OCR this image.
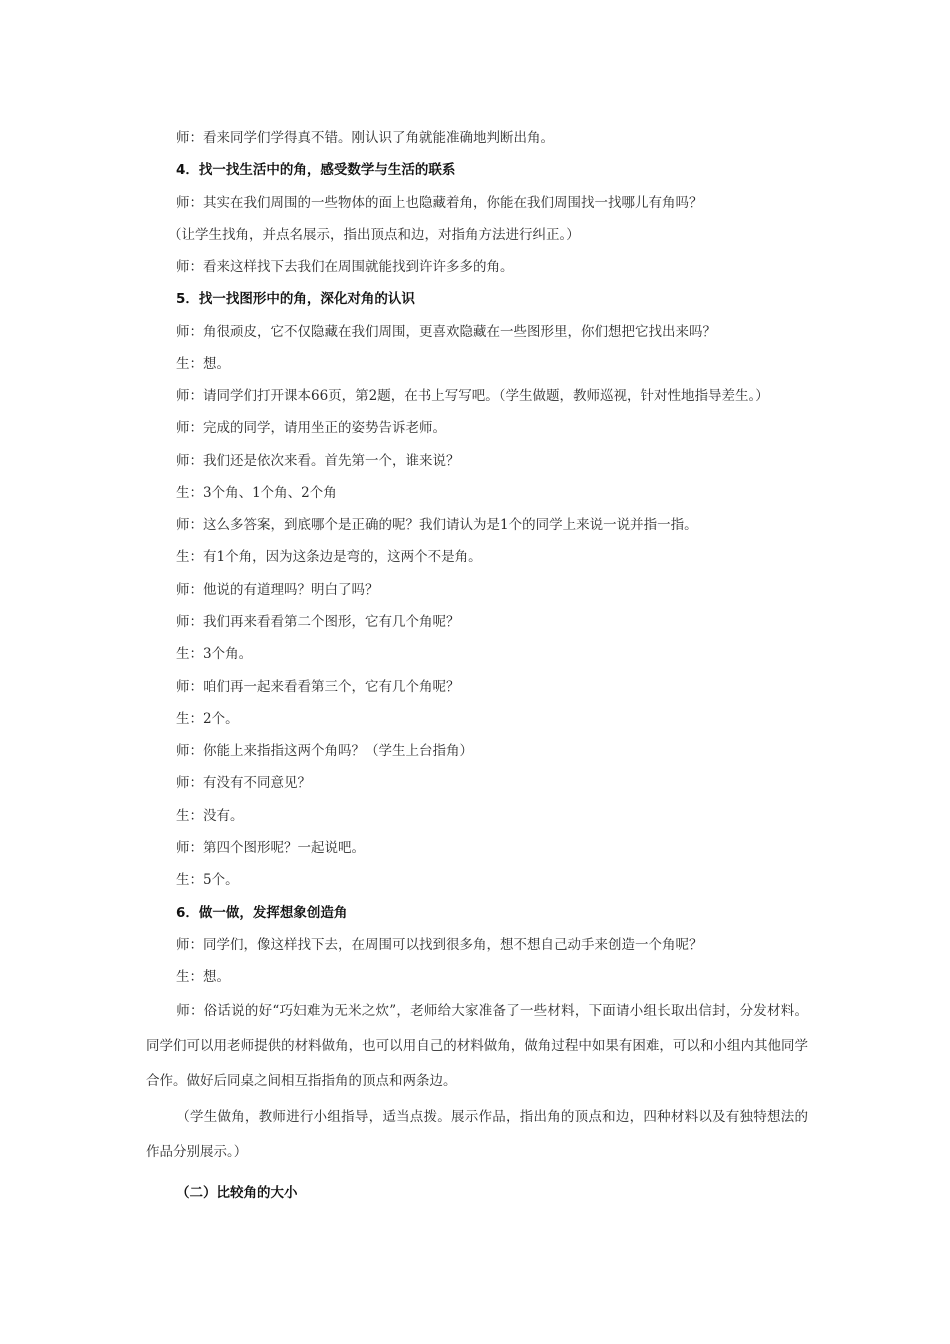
师：看来同学们学得真不错。刚认识了角就能准确地判断出角。
4．找一找生活中的角，感受数学与生活的联系
师：其实在我们周围的一些物体的面上也隐藏着角，你能在我们周围找一找哪儿有角吗？
（让学生找角，并点名展示，指出顶点和边，对指角方法进行纠正。）
师：看来这样找下去我们在周围就能找到许许多多的角。
5．找一找图形中的角，深化对角的认识
师：角很顽皮，它不仅隐藏在我们周围，更喜欢隐藏在一些图形里，你们想把它找出来吗？
生：想。
师：请同学们打开课本66页，第2题，在书上写写吧。（学生做题，教师巡视，针对性地指导差生。）
师：完成的同学，请用坐正的姿势告诉老师。
师：我们还是依次来看。首先第一个，谁来说？
生：3个角、1个角、2个角
师：这么多答案，到底哪个是正确的呢？我们请认为是1个的同学上来说一说并指一指。
生：有1个角，因为这条边是弯的，这两个不是角。
师：他说的有道理吗？明白了吗？
师：我们再来看看第二个图形，它有几个角呢？
生：3个角。
师：咱们再一起来看看第三个，它有几个角呢？
生：2个。
师：你能上来指指这两个角吗？（学生上台指角）
师：有没有不同意见？
生：没有。
师：第四个图形呢？一起说吧。
生：5个。
6．做一做，发挥想象创造角
师：同学们，像这样找下去，在周围可以找到很多角，想不想自己动手来创造一个角呢？
生：想。
师：俗话说的好“巧妇难为无米之炊”，老师给大家准备了一些材料，下面请小组长取出信封，分发材料。同学们可以用老师提供的材料做角，也可以用自己的材料做角，做角过程中如果有困难，可以和小组内其他同学合作。做好后同桌之间相互指指角的顶点和两条边。
（学生做角，教师进行小组指导，适当点拨。展示作品，指出角的顶点和边，四种材料以及有独特想法的作品分别展示。）
（二）比较角的大小
